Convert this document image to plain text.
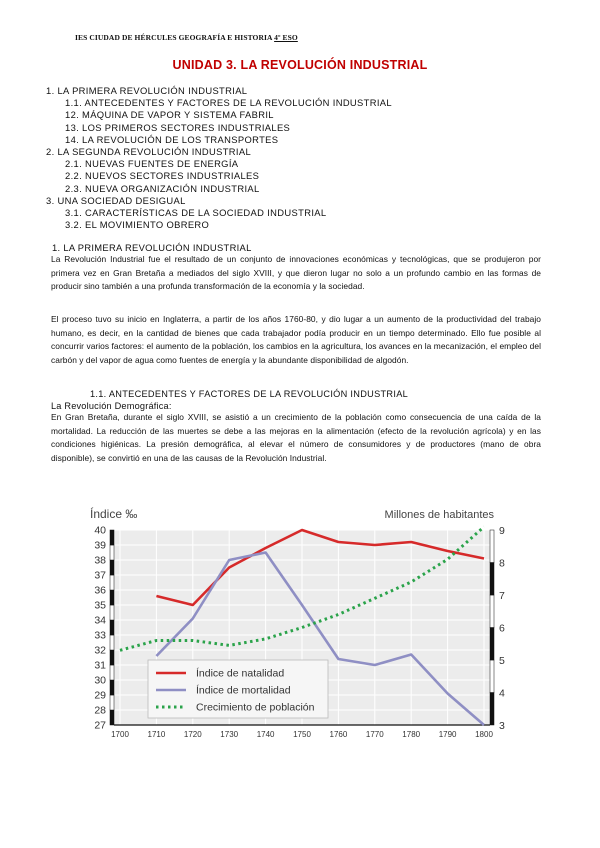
IES CIUDAD DE HÉRCULES GEOGRAFÍA E HISTORIA 4º ESO
UNIDAD 3. LA REVOLUCIÓN INDUSTRIAL
1. LA PRIMERA REVOLUCIÓN INDUSTRIAL
1.1. ANTECEDENTES Y FACTORES DE LA REVOLUCIÓN INDUSTRIAL
12. MÁQUINA DE VAPOR Y SISTEMA FABRIL
13. LOS PRIMEROS SECTORES INDUSTRIALES
14. LA REVOLUCIÓN DE LOS TRANSPORTES
2. LA SEGUNDA REVOLUCIÓN INDUSTRIAL
2.1. NUEVAS FUENTES DE ENERGÍA
2.2. NUEVOS SECTORES INDUSTRIALES
2.3. NUEVA ORGANIZACIÓN INDUSTRIAL
3. UNA SOCIEDAD DESIGUAL
3.1. CARACTERÍSTICAS DE LA SOCIEDAD INDUSTRIAL
3.2. EL MOVIMIENTO OBRERO
1. LA PRIMERA REVOLUCIÓN INDUSTRIAL
La Revolución Industrial fue el resultado de un conjunto de innovaciones económicas y tecnológicas, que se produjeron por primera vez en Gran Bretaña a mediados del siglo XVIII, y que dieron lugar no solo a un profundo cambio en las formas de producir sino también a una profunda transformación de la economía y la sociedad.
El proceso tuvo su inicio en Inglaterra, a partir de los años 1760-80, y dio lugar a un aumento de la productividad del trabajo humano, es decir, en la cantidad de bienes que cada trabajador podía producir en un tiempo determinado. Ello fue posible al concurrir varios factores: el aumento de la población, los cambios en la agricultura, los avances en la mecanización, el empleo del carbón y del vapor de agua como fuentes de energía y la abundante disponibilidad de algodón.
1.1. ANTECEDENTES Y FACTORES DE LA REVOLUCIÓN INDUSTRIAL
La Revolución Demográfica:
En Gran Bretaña, durante el siglo XVIII, se asistió a un crecimiento de la población como consecuencia de una caída de la mortalidad. La reducción de las muertes se debe a las mejoras en la alimentación (efecto de la revolución agrícola) y en las condiciones higiénicas. La presión demográfica, al elevar el número de consumidores y de productores (mano de obra disponible), se convirtió en una de las causas de la Revolución Industrial.
27
28
29
30
31
32
33
34
35
36
37
38
39
40
3
4
5
6
7
8
9
1700 1710 1720 1730 1740 1750 1760 1770 1780 1790 1800
Índice ‰	Millones de habitantes
Índice de natalidad
Índice de mortalidad
Crecimiento de población
